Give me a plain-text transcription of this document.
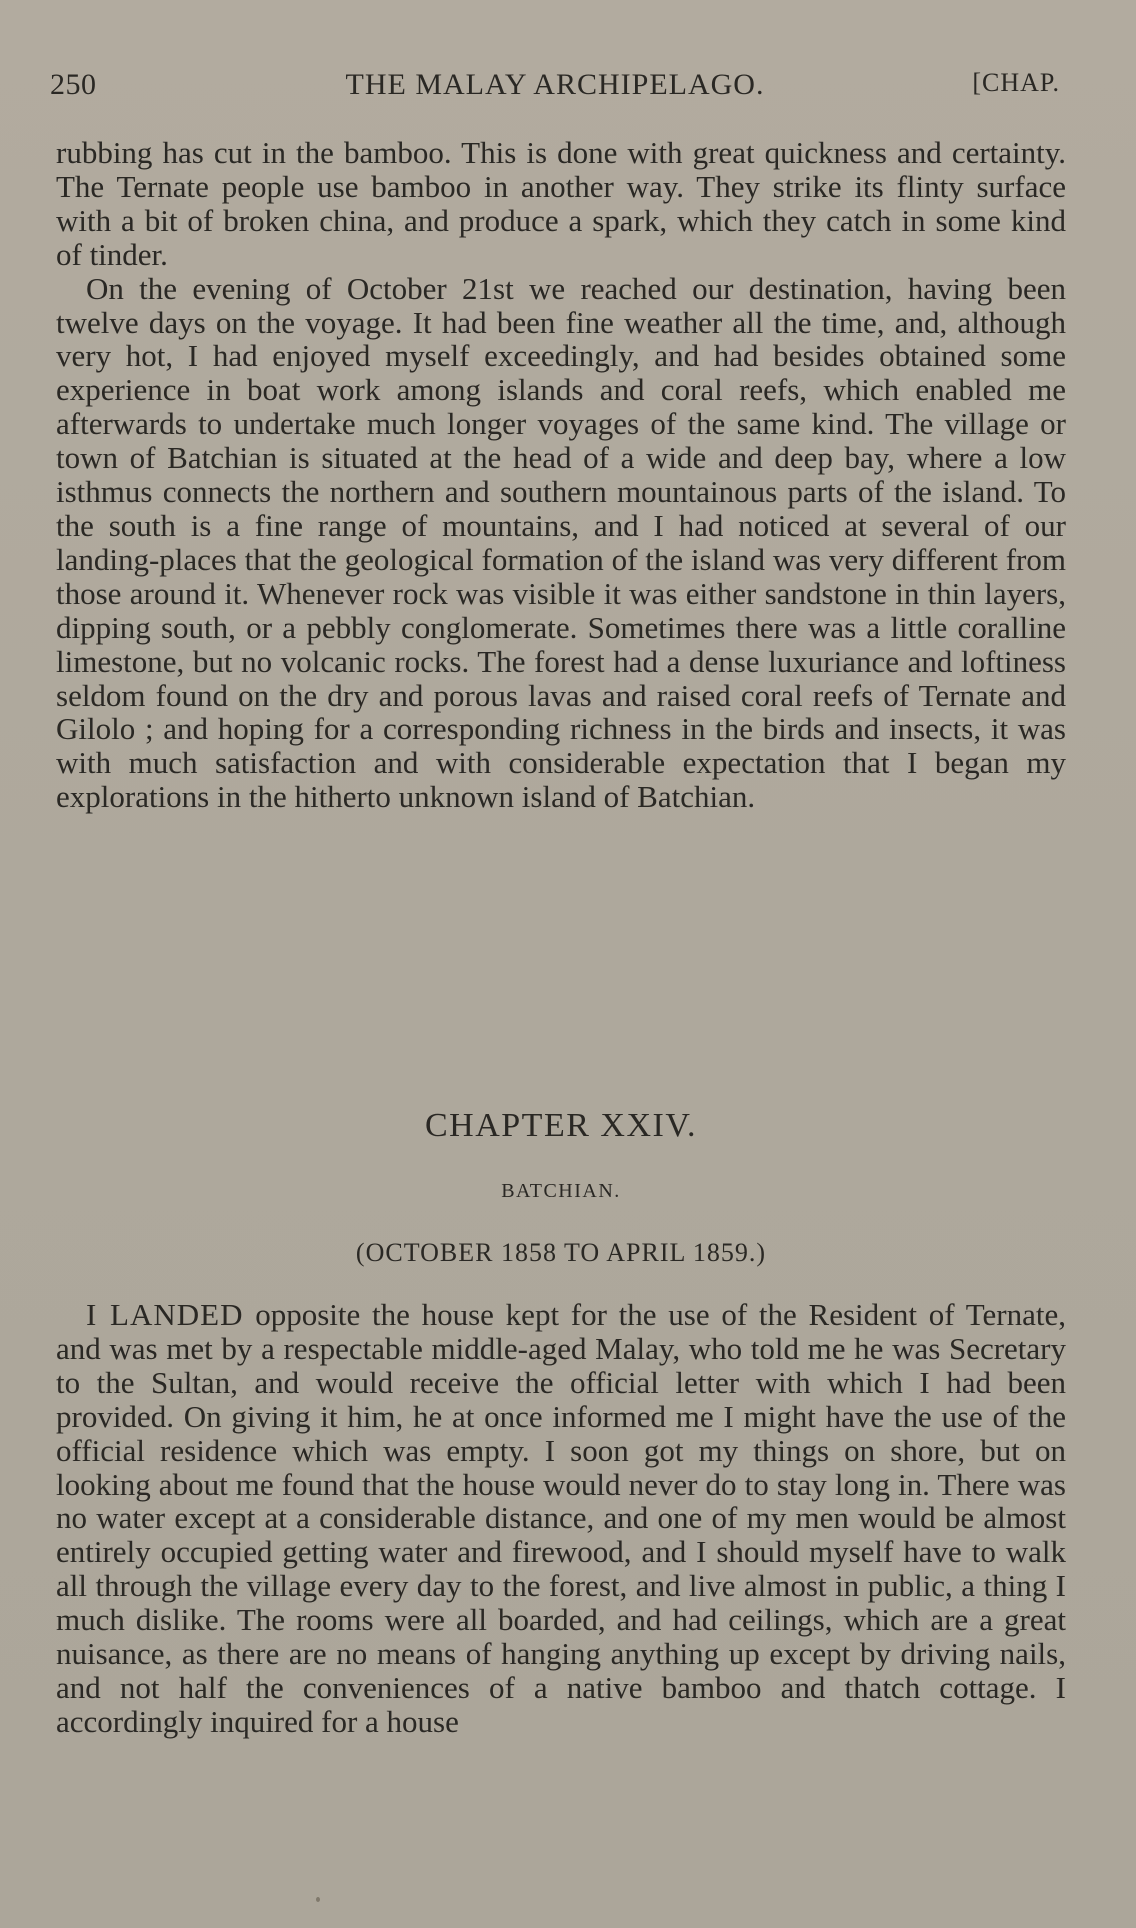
250	THE MALAY ARCHIPELAGO.	[CHAP.

rubbing has cut in the bamboo. This is done with great quickness and certainty. The Ternate people use bamboo in another way. They strike its flinty surface with a bit of broken china, and produce a spark, which they catch in some kind of tinder.

On the evening of October 21st we reached our destination, having been twelve days on the voyage. It had been fine weather all the time, and, although very hot, I had enjoyed myself exceedingly, and had besides obtained some experience in boat work among islands and coral reefs, which enabled me afterwards to undertake much longer voyages of the same kind. The village or town of Batchian is situated at the head of a wide and deep bay, where a low isthmus connects the northern and southern mountainous parts of the island. To the south is a fine range of mountains, and I had noticed at several of our landing-places that the geological formation of the island was very different from those around it. Whenever rock was visible it was either sandstone in thin layers, dipping south, or a pebbly conglomerate. Sometimes there was a little coralline limestone, but no volcanic rocks. The forest had a dense luxuriance and loftiness seldom found on the dry and porous lavas and raised coral reefs of Ternate and Gilolo ; and hoping for a corresponding richness in the birds and insects, it was with much satisfaction and with considerable expectation that I began my explorations in the hitherto unknown island of Batchian.

CHAPTER XXIV.
BATCHIAN.
(OCTOBER 1858 TO APRIL 1859.)

I LANDED opposite the house kept for the use of the Resident of Ternate, and was met by a respectable middle-aged Malay, who told me he was Secretary to the Sultan, and would receive the official letter with which I had been provided. On giving it him, he at once informed me I might have the use of the official residence which was empty. I soon got my things on shore, but on looking about me found that the house would never do to stay long in. There was no water except at a considerable distance, and one of my men would be almost entirely occupied getting water and firewood, and I should myself have to walk all through the village every day to the forest, and live almost in public, a thing I much dislike. The rooms were all boarded, and had ceilings, which are a great nuisance, as there are no means of hanging anything up except by driving nails, and not half the conveniences of a native bamboo and thatch cottage. I accordingly inquired for a house
